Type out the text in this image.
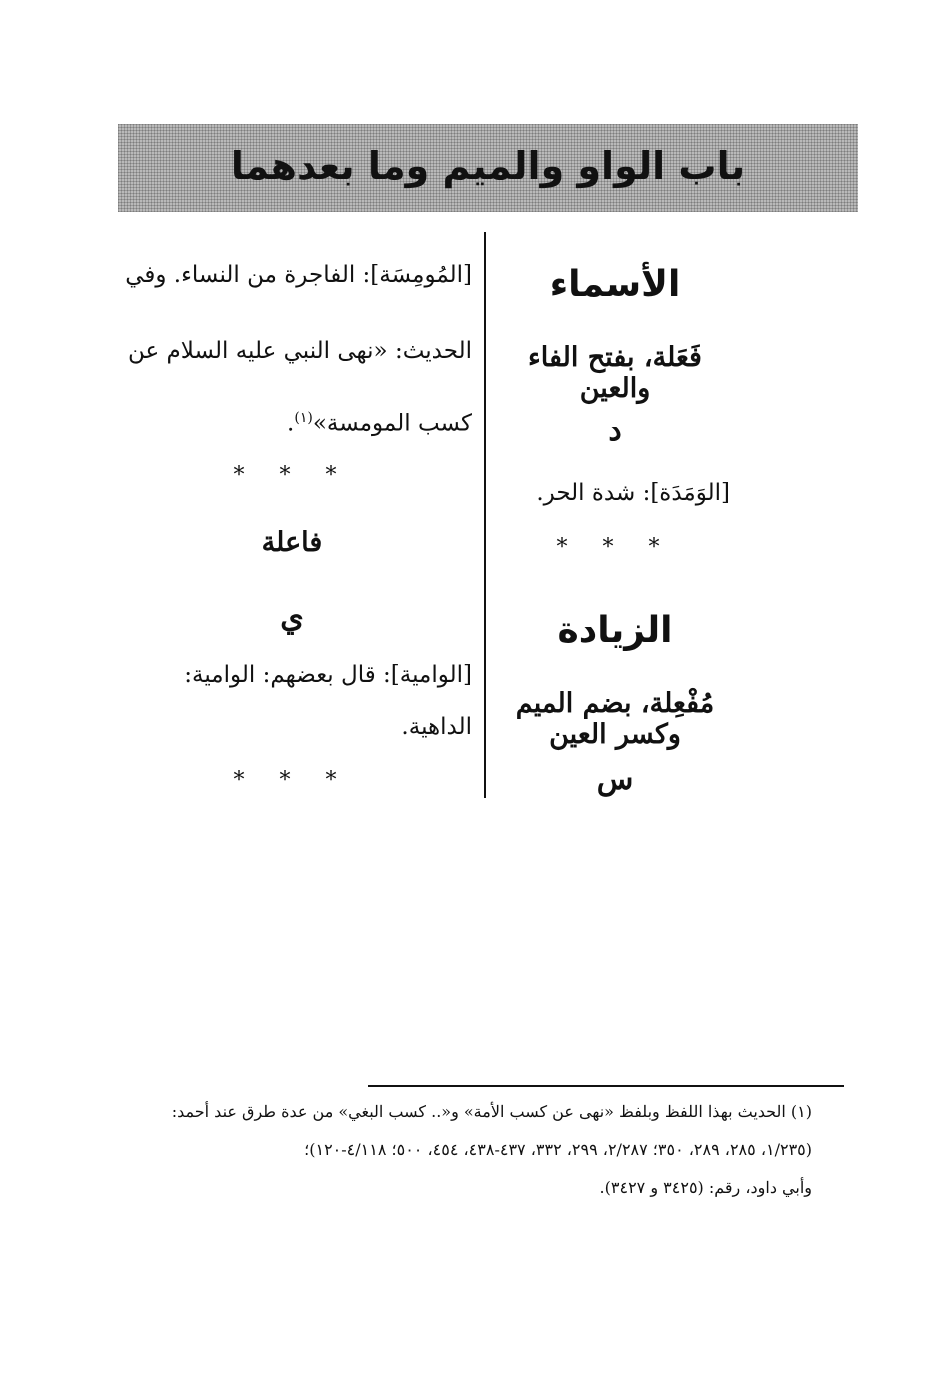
باب الواو والميم وما بعدهما
الأسماء
فَعَلة، بفتح الفاء والعين
د
[الوَمَدَة]: شدة الحر.
* * *
الزيادة
مُفْعِلة، بضم الميم وكسر العين
س
[المُومِسَة]: الفاجرة من النساء. وفي
الحديث: «نهى النبي عليه السلام عن
كسب المومسة»$^{(١)}$.
* * *
فاعلة
ي
[الوامية]: قال بعضهم: الوامية:
الداهية.
* * *
(١) الحديث بهذا اللفظ وبلفظ «نهى عن كسب الأمة» و«.. كسب البغي» من عدة طرق عند أحمد:
(١/٢٣٥، ٢٨٥، ٢٨٩، ٣٥٠؛ ٢/٢٨٧، ٢٩٩، ٣٣٢، ٤٣٧-٤٣٨، ٤٥٤، ٥٠٠؛ ٤/١١٨-١٢٠)؛
وأبي داود، رقم: (٣٤٢٥ و ٣٤٢٧).
